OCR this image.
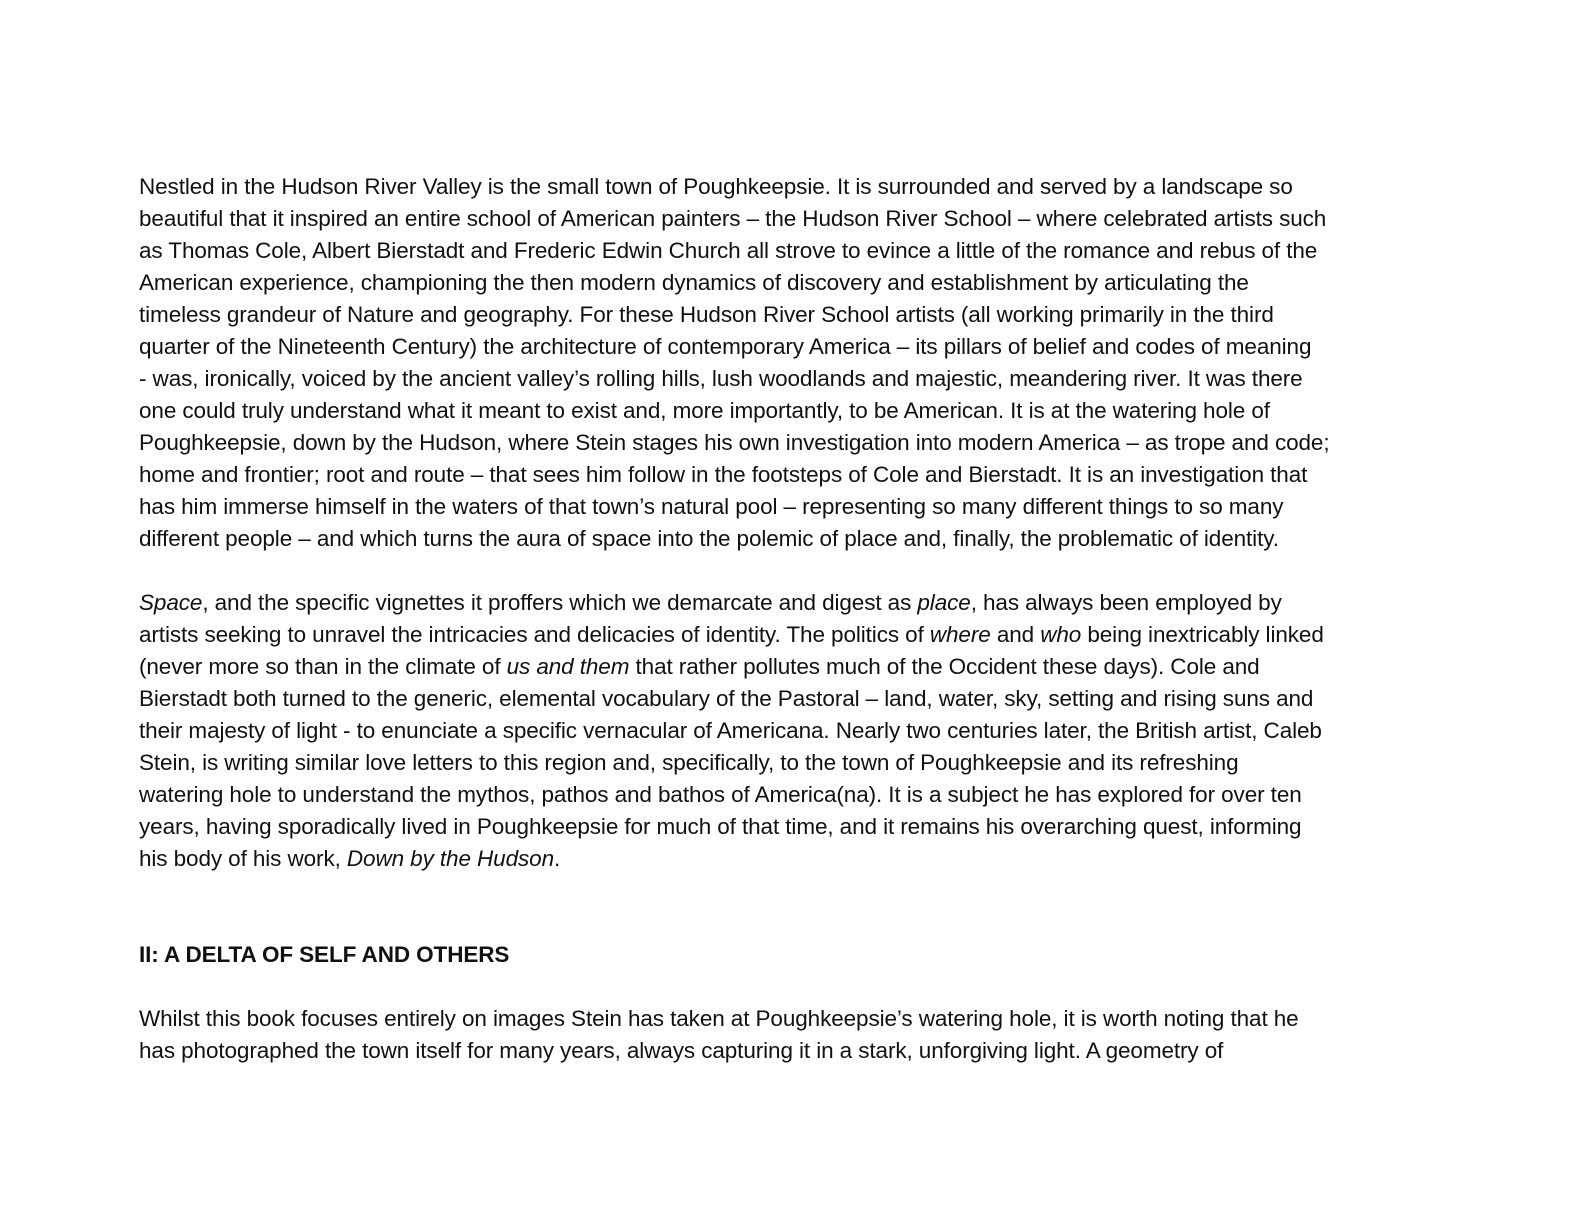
Nestled in the Hudson River Valley is the small town of Poughkeepsie. It is surrounded and served by a landscape so
beautiful that it inspired an entire school of American painters – the Hudson River School – where celebrated artists such
as Thomas Cole, Albert Bierstadt and Frederic Edwin Church all strove to evince a little of the romance and rebus of the
American experience, championing the then modern dynamics of discovery and establishment by articulating the
timeless grandeur of Nature and geography. For these Hudson River School artists (all working primarily in the third
quarter of the Nineteenth Century) the architecture of contemporary America – its pillars of belief and codes of meaning
- was, ironically, voiced by the ancient valley’s rolling hills, lush woodlands and majestic, meandering river. It was there
one could truly understand what it meant to exist and, more importantly, to be American. It is at the watering hole of
Poughkeepsie, down by the Hudson, where Stein stages his own investigation into modern America – as trope and code;
home and frontier; root and route – that sees him follow in the footsteps of Cole and Bierstadt. It is an investigation that
has him immerse himself in the waters of that town’s natural pool – representing so many different things to so many
different people – and which turns the aura of space into the polemic of place and, finally, the problematic of identity.

Space, and the specific vignettes it proffers which we demarcate and digest as place, has always been employed by
artists seeking to unravel the intricacies and delicacies of identity. The politics of where and who being inextricably linked
(never more so than in the climate of us and them that rather pollutes much of the Occident these days). Cole and
Bierstadt both turned to the generic, elemental vocabulary of the Pastoral – land, water, sky, setting and rising suns and
their majesty of light - to enunciate a specific vernacular of Americana. Nearly two centuries later, the British artist, Caleb
Stein, is writing similar love letters to this region and, specifically, to the town of Poughkeepsie and its refreshing
watering hole to understand the mythos, pathos and bathos of America(na). It is a subject he has explored for over ten
years, having sporadically lived in Poughkeepsie for much of that time, and it remains his overarching quest, informing
his body of his work, Down by the Hudson.

II: A DELTA OF SELF AND OTHERS

Whilst this book focuses entirely on images Stein has taken at Poughkeepsie’s watering hole, it is worth noting that he
has photographed the town itself for many years, always capturing it in a stark, unforgiving light. A geometry of
